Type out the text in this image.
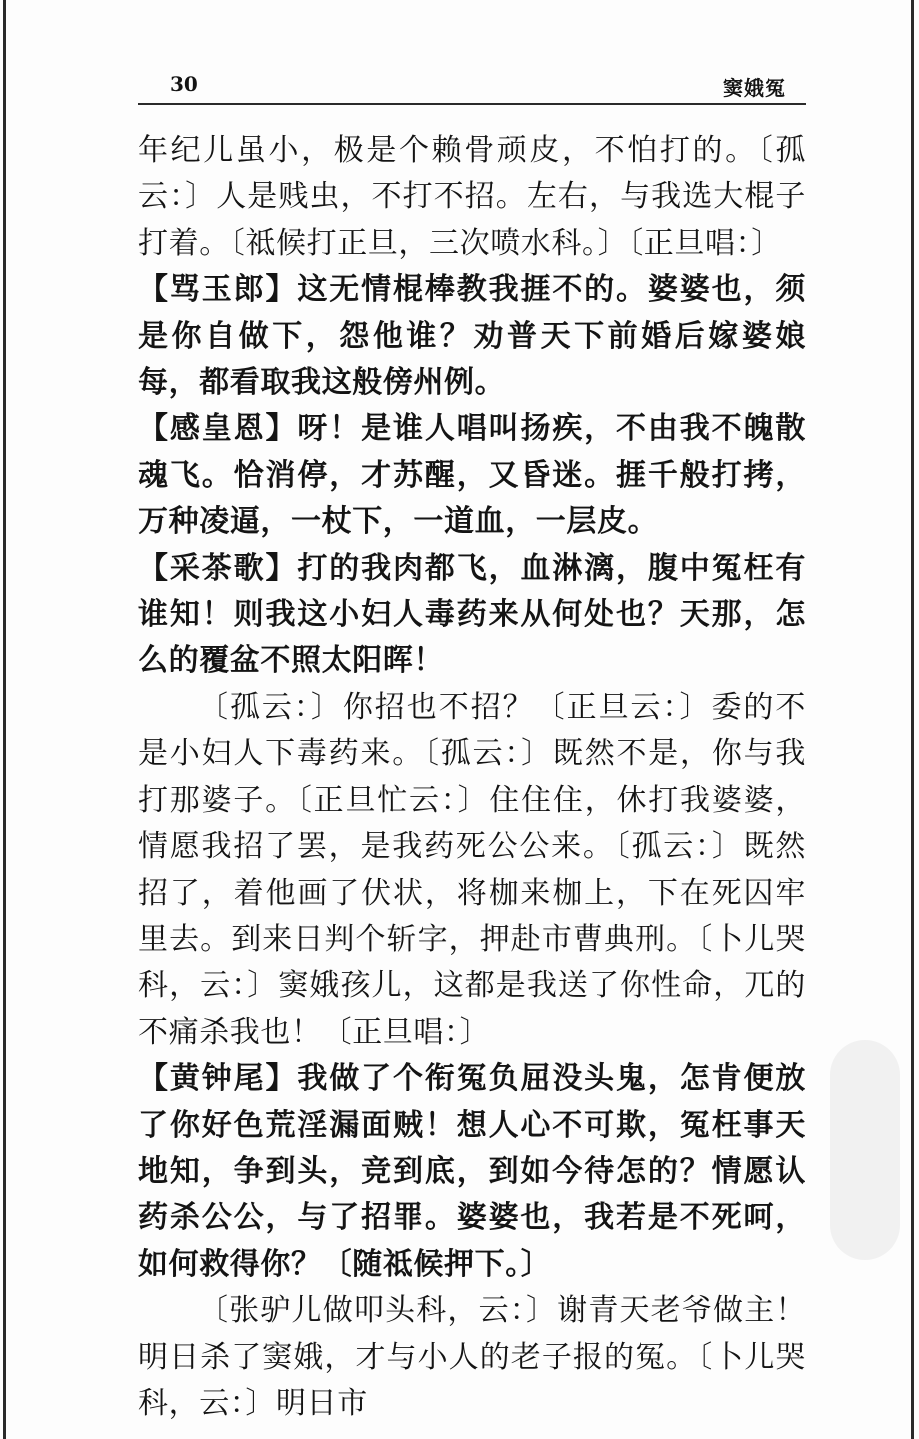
30	窦娥冤

年纪儿虽小，极是个赖骨顽皮，不怕打的。〔孤云：〕人是贱虫，不打不招。左右，与我选大棍子打着。〔祗候打正旦，三次喷水科。〕〔正旦唱：〕

【骂玉郎】这无情棍棒教我捱不的。婆婆也，须是你自做下，怨他谁？劝普天下前婚后嫁婆娘每，都看取我这般傍州例。

【感皇恩】呀！是谁人唱叫扬疾，不由我不魄散魂飞。恰消停，才苏醒，又昏迷。捱千般打拷，万种凌逼，一杖下，一道血，一层皮。

【采茶歌】打的我肉都飞，血淋漓，腹中冤枉有谁知！则我这小妇人毒药来从何处也？天那，怎么的覆盆不照太阳晖！

〔孤云：〕你招也不招？〔正旦云：〕委的不是小妇人下毒药来。〔孤云：〕既然不是，你与我打那婆子。〔正旦忙云：〕住住住，休打我婆婆，情愿我招了罢，是我药死公公来。〔孤云：〕既然招了，着他画了伏状，将枷来枷上，下在死囚牢里去。到来日判个斩字，押赴市曹典刑。〔卜儿哭科，云：〕窦娥孩儿，这都是我送了你性命，兀的不痛杀我也！〔正旦唱：〕

【黄钟尾】我做了个衔冤负屈没头鬼，怎肯便放了你好色荒淫漏面贼！想人心不可欺，冤枉事天地知，争到头，竞到底，到如今待怎的？情愿认药杀公公，与了招罪。婆婆也，我若是不死呵，如何救得你？〔随祗候押下。〕

〔张驴儿做叩头科，云：〕谢青天老爷做主！明日杀了窦娥，才与小人的老子报的冤。〔卜儿哭科，云：〕明日市
